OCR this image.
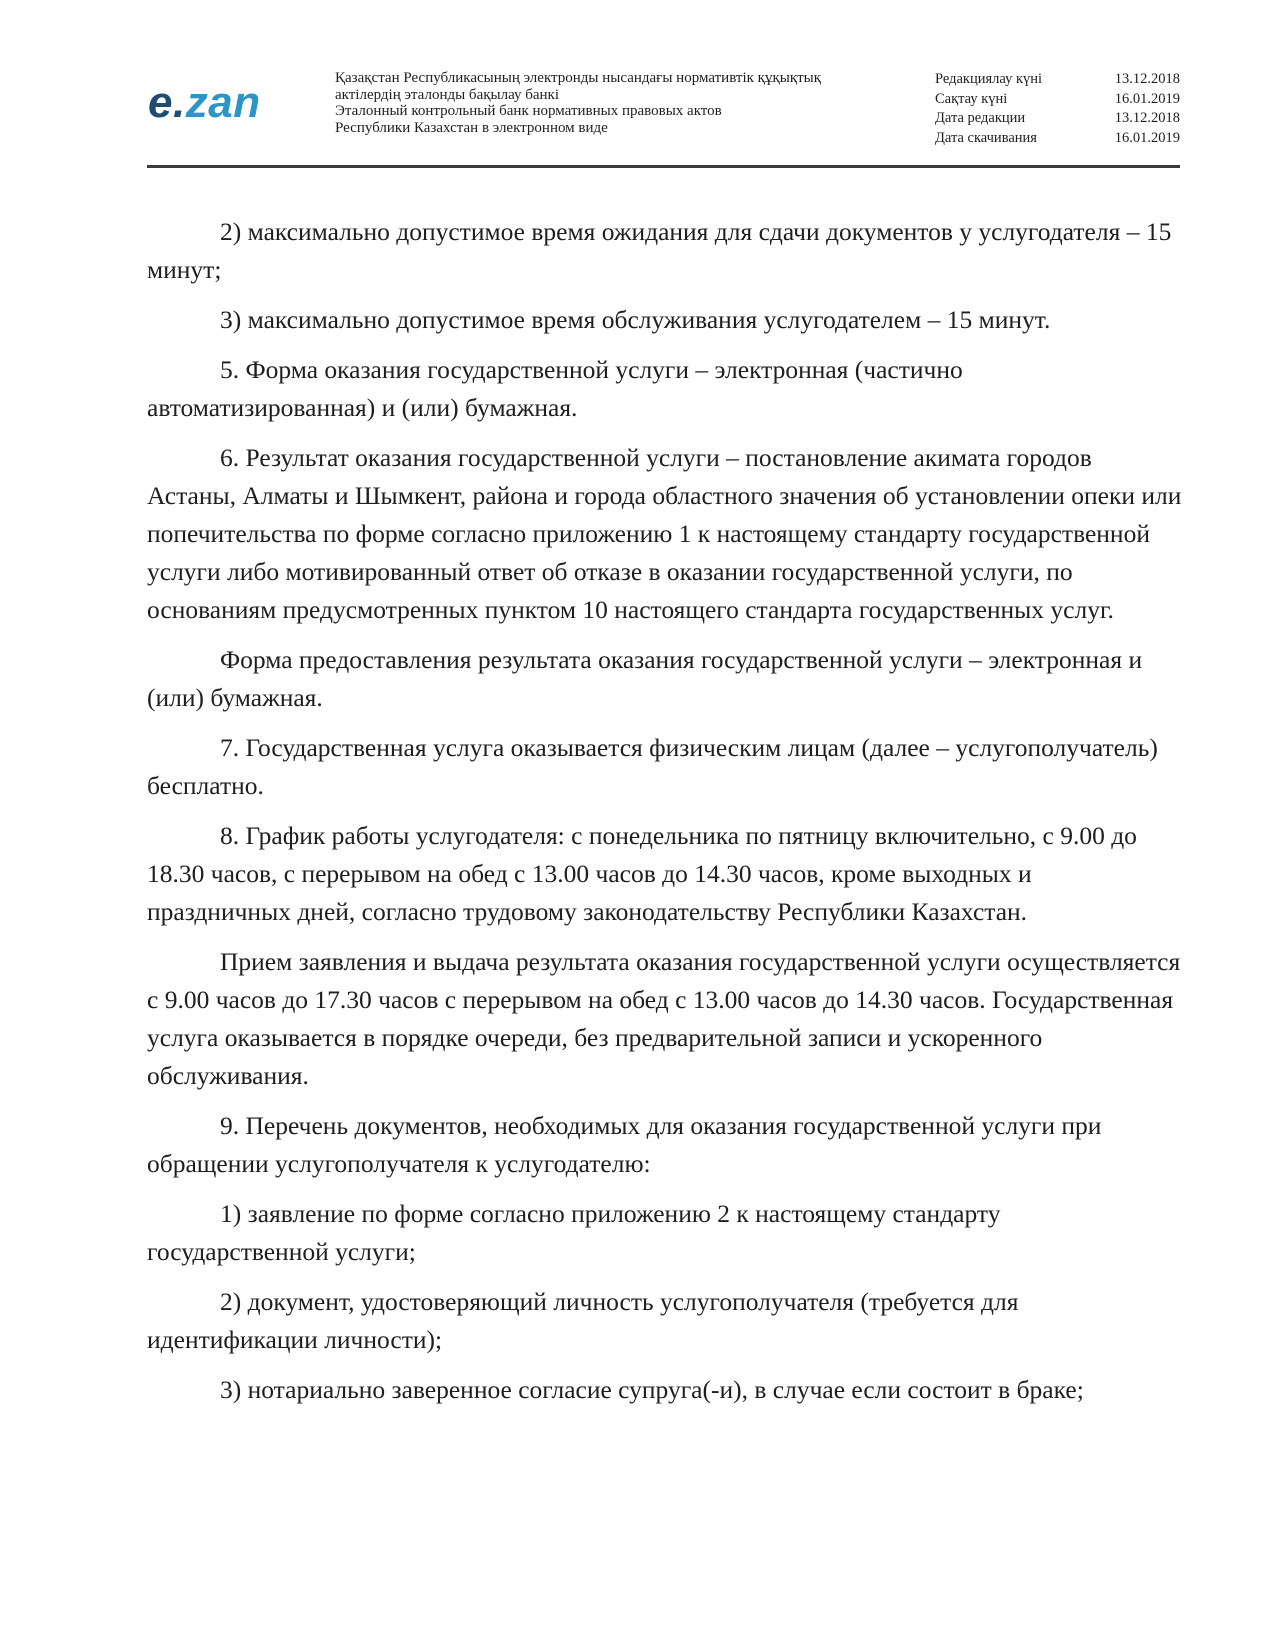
e.zan	Қазақстан Республикасының электронды нысандағы нормативтік құқықтық
актілердің эталонды бақылау банкі
Эталонный контрольный банк нормативных правовых актов
Республики Казахстан в электронном виде
Редакциялау күні	13.12.2018
Сақтау күні	16.01.2019
Дата редакции	13.12.2018
Дата скачивания	16.01.2019

2) максимально допустимое время ожидания для сдачи документов у услугодателя – 15 минут;

3) максимально допустимое время обслуживания услугодателем – 15 минут.

5. Форма оказания государственной услуги – электронная (частично автоматизированная) и (или) бумажная.

6. Результат оказания государственной услуги – постановление акимата городов Астаны, Алматы и Шымкент, района и города областного значения об установлении опеки или попечительства по форме согласно приложению 1 к настоящему стандарту государственной услуги либо мотивированный ответ об отказе в оказании государственной услуги, по основаниям предусмотренных пунктом 10 настоящего стандарта государственных услуг.

Форма предоставления результата оказания государственной услуги – электронная и (или) бумажная.

7. Государственная услуга оказывается физическим лицам (далее – услугополучатель) бесплатно.

8. График работы услугодателя: с понедельника по пятницу включительно, с 9.00 до 18.30 часов, с перерывом на обед с 13.00 часов до 14.30 часов, кроме выходных и праздничных дней, согласно трудовому законодательству Республики Казахстан.

Прием заявления и выдача результата оказания государственной услуги осуществляется с 9.00 часов до 17.30 часов с перерывом на обед с 13.00 часов до 14.30 часов. Государственная услуга оказывается в порядке очереди, без предварительной записи и ускоренного обслуживания.

9. Перечень документов, необходимых для оказания государственной услуги при обращении услугополучателя к услугодателю:

1) заявление по форме согласно приложению 2 к настоящему стандарту государственной услуги;

2) документ, удостоверяющий личность услугополучателя (требуется для идентификации личности);

3) нотариально заверенное согласие супруга(-и), в случае если состоит в браке;
